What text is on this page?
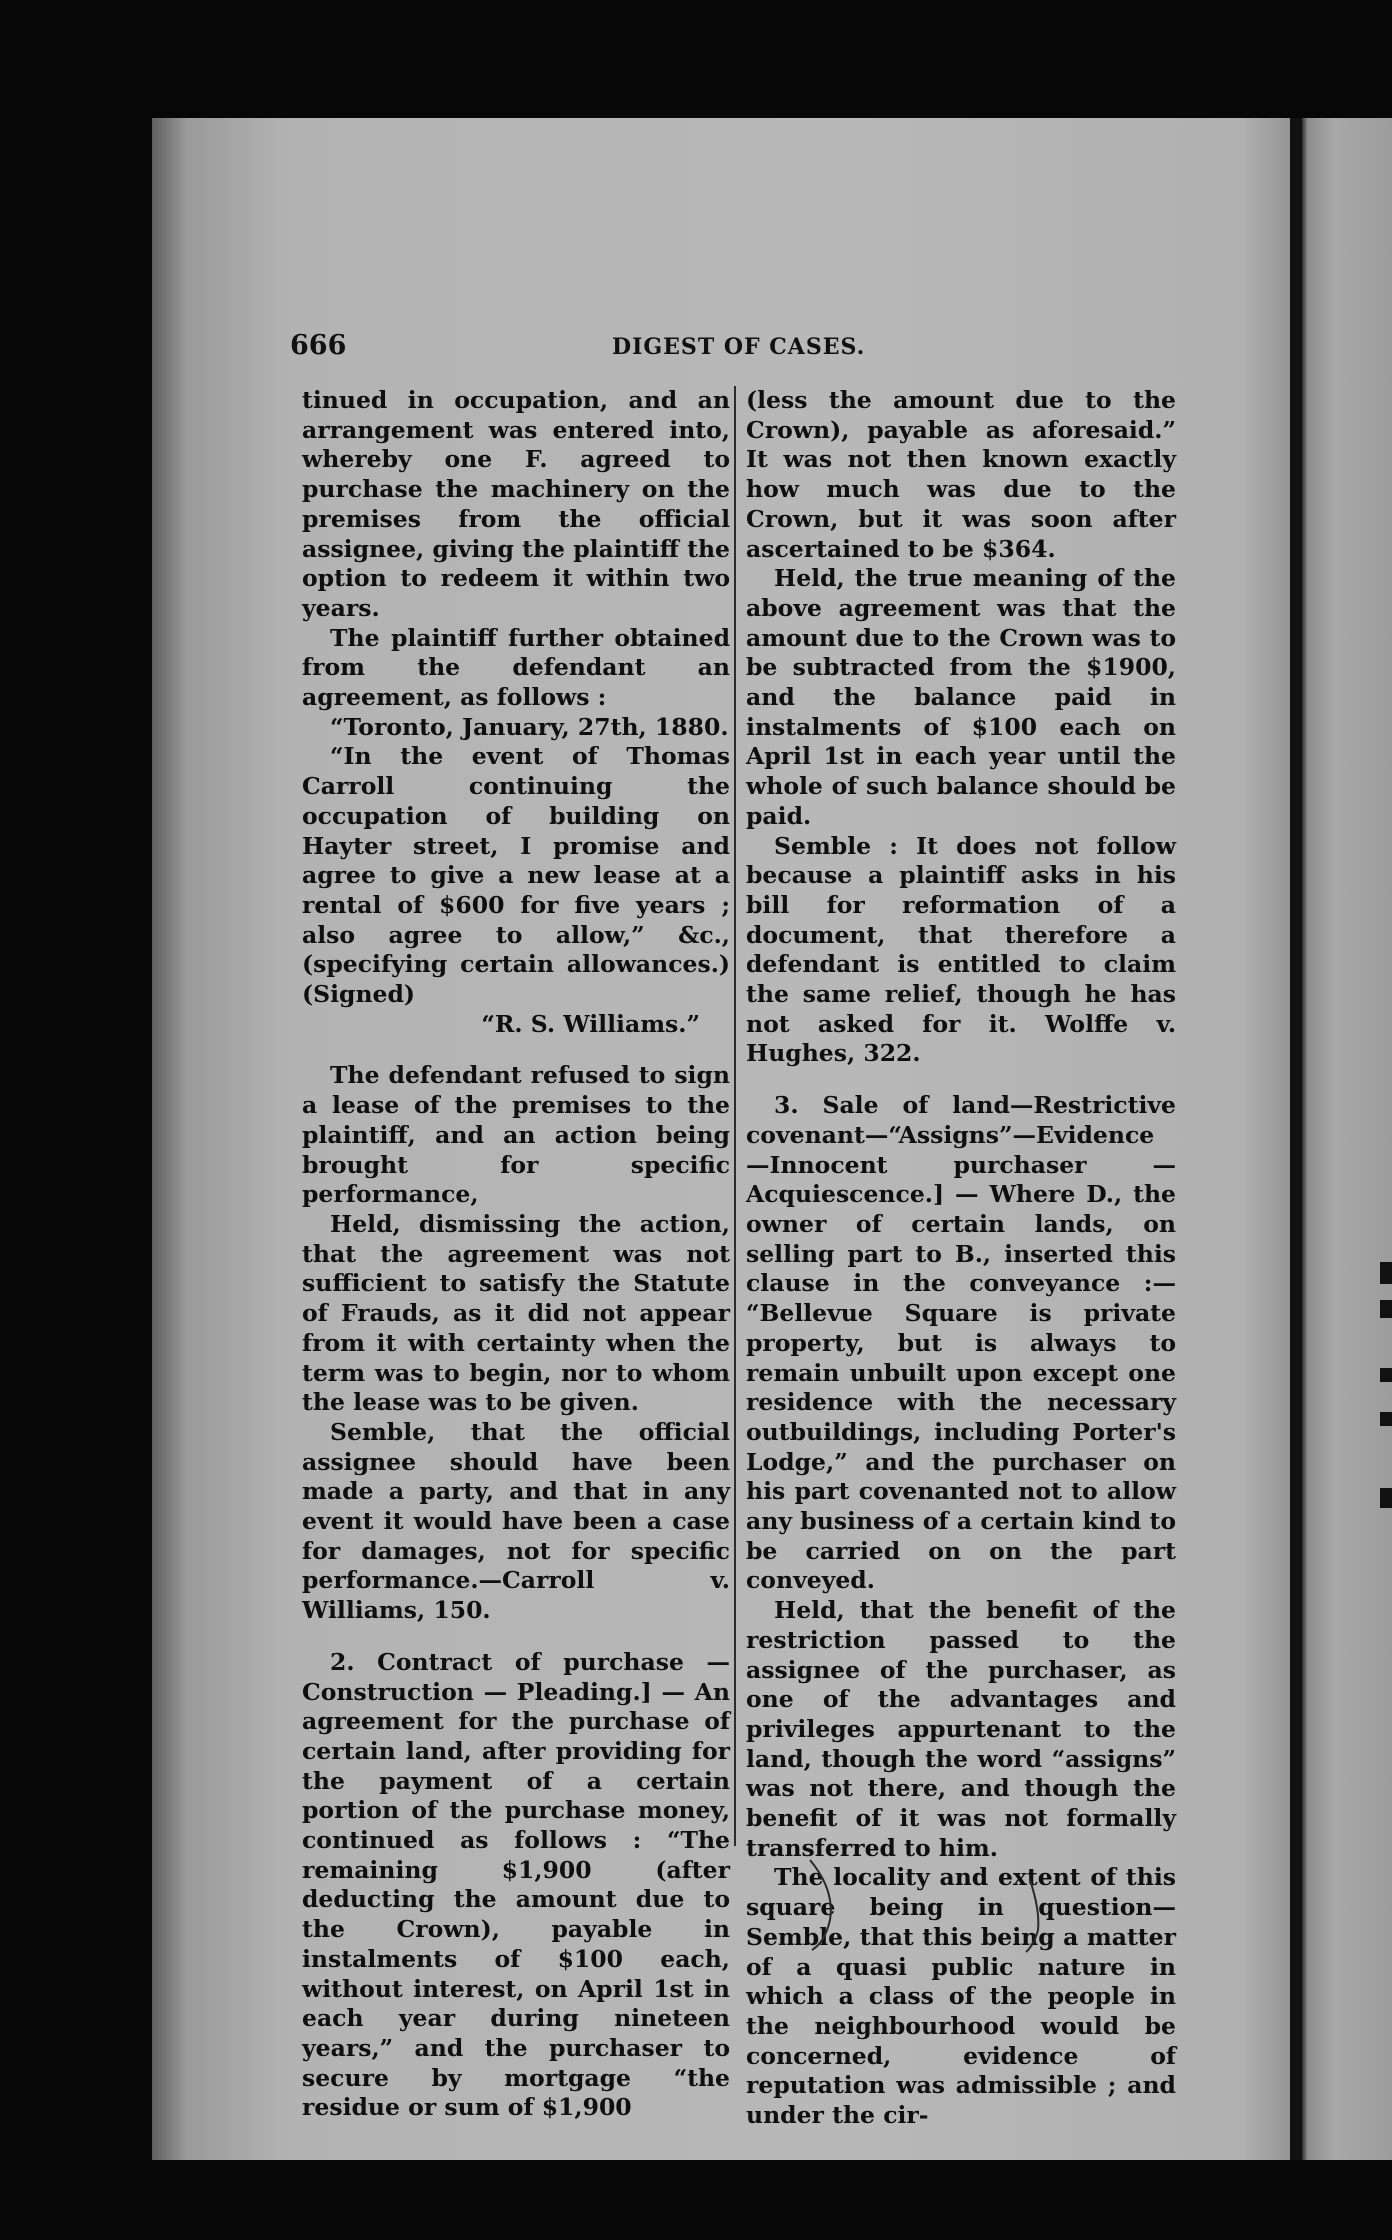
666	DIGEST OF CASES.

tinued in occupation, and an arrangement was entered into, whereby one F. agreed to purchase the machinery on the premises from the official assignee, giving the plaintiff the option to redeem it within two years.

The plaintiff further obtained from the defendant an agreement, as follows :

“Toronto, January, 27th, 1880.

“In the event of Thomas Carroll continuing the occupation of building on Hayter street, I promise and agree to give a new lease at a rental of $600 for five years ; also agree to allow,” &c., (specifying certain allowances.) (Signed)

“R. S. Williams.”

The defendant refused to sign a lease of the premises to the plaintiff, and an action being brought for specific performance,

Held, dismissing the action, that the agreement was not sufficient to satisfy the Statute of Frauds, as it did not appear from it with certainty when the term was to begin, nor to whom the lease was to be given.

Semble, that the official assignee should have been made a party, and that in any event it would have been a case for damages, not for specific performance.—Carroll v. Williams, 150.

2. Contract of purchase — Construction — Pleading.] — An agreement for the purchase of certain land, after providing for the payment of a certain portion of the purchase money, continued as follows : “The remaining $1,900 (after deducting the amount due to the Crown), payable in instalments of $100 each, without interest, on April 1st in each year during nineteen years,” and the purchaser to secure by mortgage “the residue or sum of $1,900

(less the amount due to the Crown), payable as aforesaid.” It was not then known exactly how much was due to the Crown, but it was soon after ascertained to be $364.

Held, the true meaning of the above agreement was that the amount due to the Crown was to be subtracted from the $1900, and the balance paid in instalments of $100 each on April 1st in each year until the whole of such balance should be paid.

Semble : It does not follow because a plaintiff asks in his bill for reformation of a document, that therefore a defendant is entitled to claim the same relief, though he has not asked for it. Wolffe v. Hughes, 322.

3. Sale of land—Restrictive covenant—“Assigns”—Evidence—Innocent purchaser — Acquiescence.] — Where D., the owner of certain lands, on selling part to B., inserted this clause in the conveyance :— “Bellevue Square is private property, but is always to remain unbuilt upon except one residence with the necessary outbuildings, including Porter's Lodge,” and the purchaser on his part covenanted not to allow any business of a certain kind to be carried on on the part conveyed.

Held, that the benefit of the restriction passed to the assignee of the purchaser, as one of the advantages and privileges appurtenant to the land, though the word “assigns” was not there, and though the benefit of it was not formally transferred to him.

The locality and extent of this square being in question—Semble, that this being a matter of a quasi public nature in which a class of the people in the neighbourhood would be concerned, evidence of reputation was admissible ; and under the cir-
